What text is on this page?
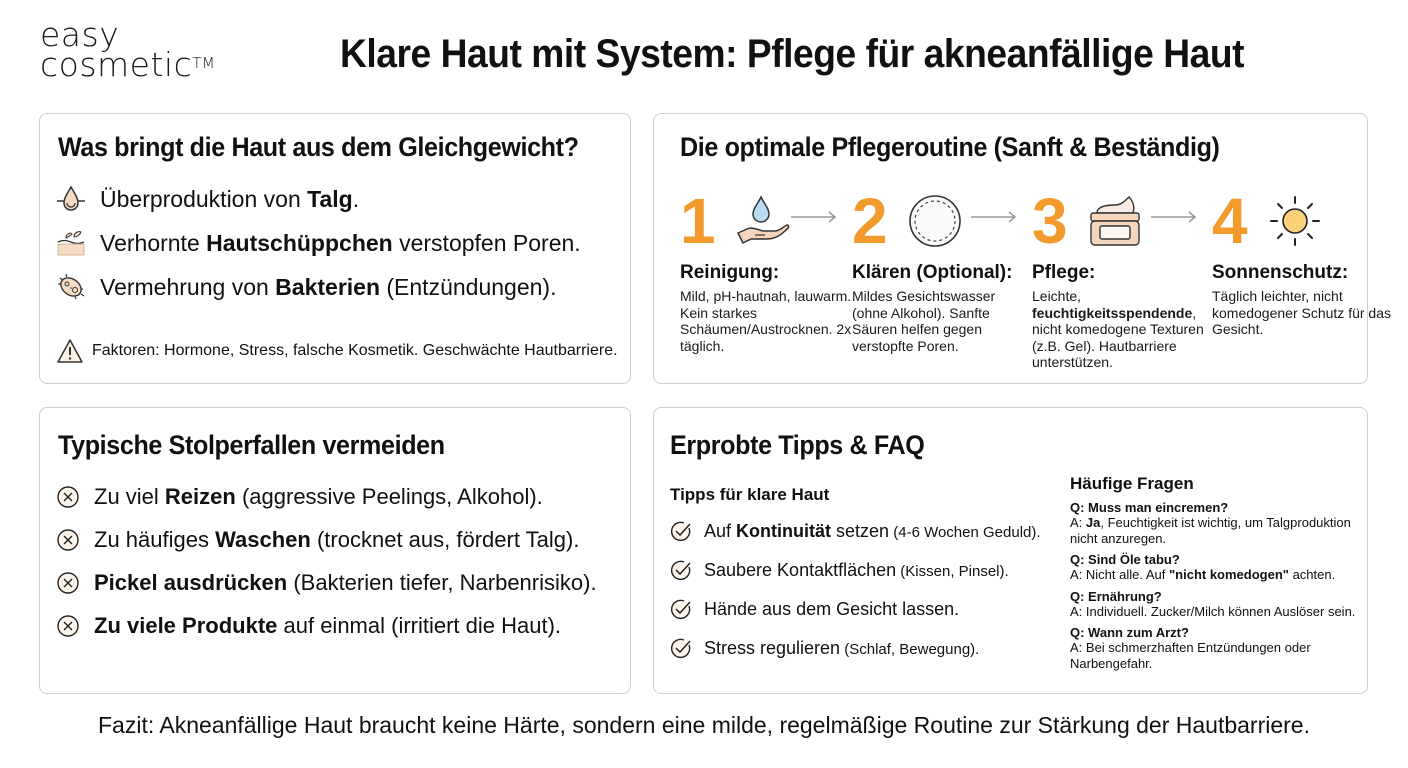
easy
cosmetic™	Klare Haut mit System: Pflege für akneanfällige Haut
Was bringt die Haut aus dem Gleichgewicht?
Überproduktion von Talg.
Verhornte Hautschüppchen verstopfen Poren.
Vermehrung von Bakterien (Entzündungen).
Faktoren: Hormone, Stress, falsche Kosmetik. Geschwächte Hautbarriere.
Die optimale Pflegeroutine (Sanft & Beständig)
1
Reinigung:
Mild, pH-hautnah, lauwarm. Kein starkes Schäumen/Austrocknen. 2x täglich.
2
Klären (Optional):
Mildes Gesichtswasser (ohne Alkohol). Sanfte Säuren helfen gegen verstopfte Poren.
3
Pflege:
Leichte,
feuchtigkeitsspendende, nicht komedogene Texturen (z.B. Gel). Hautbarriere unterstützen.
4
Sonnenschutz:
Täglich leichter, nicht komedogener Schutz für das Gesicht.
Typische Stolperfallen vermeiden
Zu viel Reizen (aggressive Peelings, Alkohol).
Zu häufiges Waschen (trocknet aus, fördert Talg).
Pickel ausdrücken (Bakterien tiefer, Narbenrisiko).
Zu viele Produkte auf einmal (irritiert die Haut).
Erprobte Tipps & FAQ
Tipps für klare Haut
Auf Kontinuität setzen (4-6 Wochen Geduld).
Saubere Kontaktflächen (Kissen, Pinsel).
Hände aus dem Gesicht lassen.
Stress regulieren (Schlaf, Bewegung).
Häufige Fragen
Q: Muss man eincremen?
A: Ja, Feuchtigkeit ist wichtig, um Talgproduktion nicht anzuregen.
Q: Sind Öle tabu?
A: Nicht alle. Auf "nicht komedogen" achten.
Q: Ernährung?
A: Individuell. Zucker/Milch können Auslöser sein.
Q: Wann zum Arzt?
A: Bei schmerzhaften Entzündungen oder Narbengefahr.
Fazit: Akneanfällige Haut braucht keine Härte, sondern eine milde, regelmäßige Routine zur Stärkung der Hautbarriere.
